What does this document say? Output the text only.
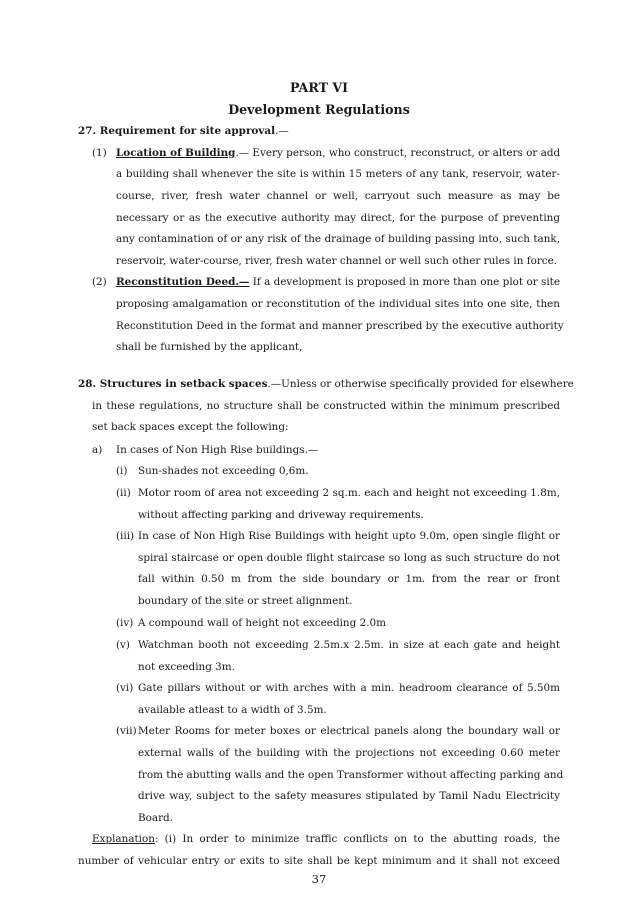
PART VI
Development Regulations
27. Requirement for site approval.—
(1) Location of Building.— Every person, who construct, reconstruct, or alters or add
a building shall whenever the site is within 15 meters of any tank, reservoir, water-
course, river, fresh water channel or well, carryout such measure as may be
necessary or as the executive authority may direct, for the purpose of preventing
any contamination of or any risk of the drainage of building passing into, such tank,
reservoir, water-course, river, fresh water channel or well such other rules in force.
(2) Reconstitution Deed.— If a development is proposed in more than one plot or site
proposing amalgamation or reconstitution of the individual sites into one site, then
Reconstitution Deed in the format and manner prescribed by the executive authority
shall be furnished by the applicant,
28. Structures in setback spaces.—Unless or otherwise specifically provided for elsewhere
in these regulations, no structure shall be constructed within the minimum prescribed
set back spaces except the following:
a) In cases of Non High Rise buildings.—
(i) Sun-shades not exceeding 0,6m.
(ii) Motor room of area not exceeding 2 sq.m. each and height not exceeding 1.8m,
without affecting parking and driveway requirements.
(iii) In case of Non High Rise Buildings with height upto 9.0m, open single flight or
spiral staircase or open double flight staircase so long as such structure do not
fall within 0.50 m from the side boundary or 1m. from the rear or front
boundary of the site or street alignment.
(iv) A compound wall of height not exceeding 2.0m
(v) Watchman booth not exceeding 2.5m.x 2.5m. in size at each gate and height
not exceeding 3m.
(vi) Gate pillars without or with arches with a min. headroom clearance of 5.50m
available atleast to a width of 3.5m.
(vii) Meter Rooms for meter boxes or electrical panels along the boundary wall or
external walls of the building with the projections not exceeding 0.60 meter
from the abutting walls and the open Transformer without affecting parking and
drive way, subject to the safety measures stipulated by Tamil Nadu Electricity
Board.
Explanation: (i) In order to minimize traffic conflicts on to the abutting roads, the
number of vehicular entry or exits to site shall be kept minimum and it shall not exceed
37
